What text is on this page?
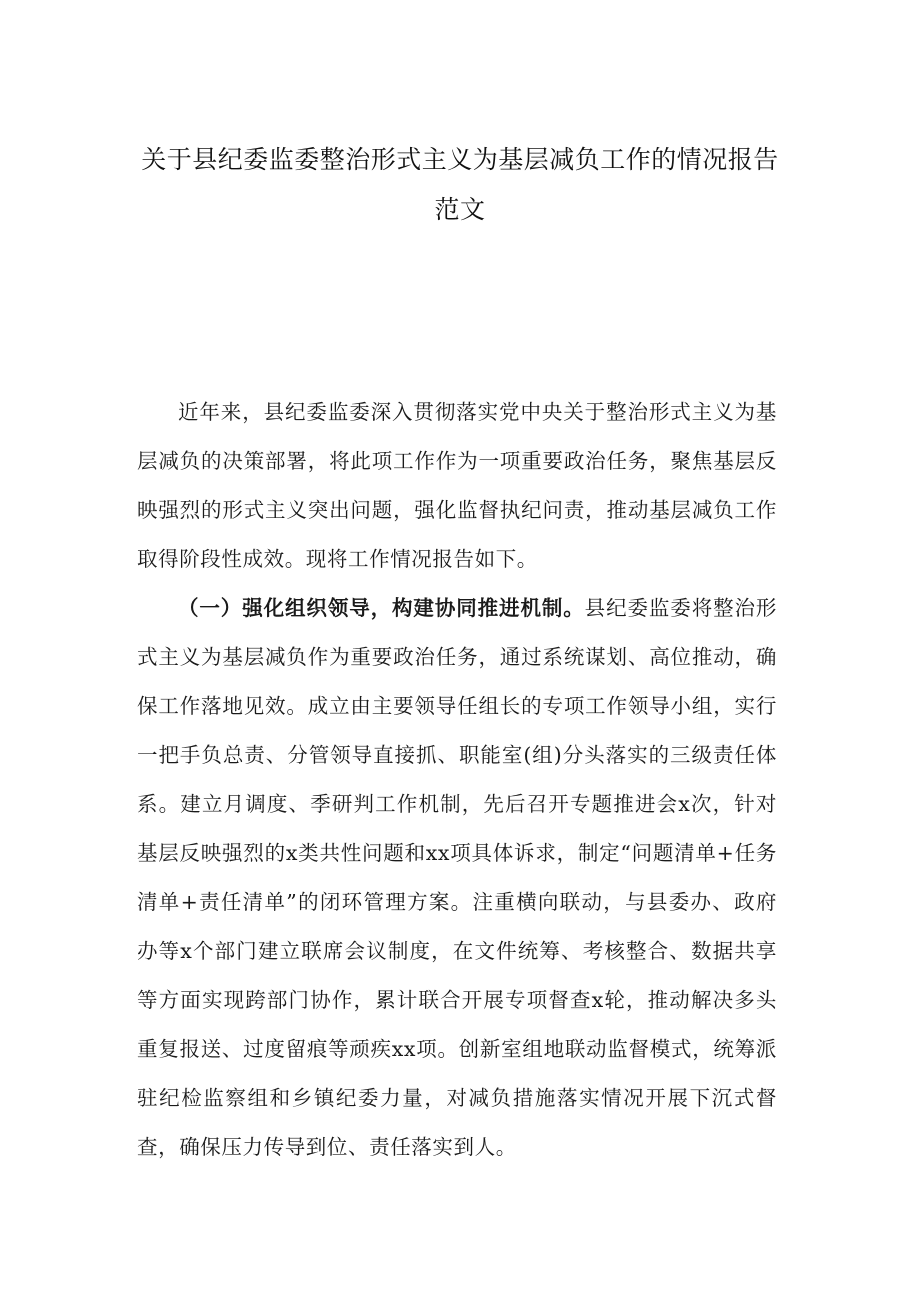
关于县纪委监委整治形式主义为基层减负工作的情况报告
范文

近年来，县纪委监委深入贯彻落实党中央关于整治形式主义为基层减负的决策部署，将此项工作作为一项重要政治任务，聚焦基层反映强烈的形式主义突出问题，强化监督执纪问责，推动基层减负工作取得阶段性成效。现将工作情况报告如下。

（一）强化组织领导，构建协同推进机制。县纪委监委将整治形式主义为基层减负作为重要政治任务，通过系统谋划、高位推动，确保工作落地见效。成立由主要领导任组长的专项工作领导小组，实行一把手负总责、分管领导直接抓、职能室(组)分头落实的三级责任体系。建立月调度、季研判工作机制，先后召开专题推进会x次，针对基层反映强烈的x类共性问题和xx项具体诉求，制定“问题清单+任务清单+责任清单”的闭环管理方案。注重横向联动，与县委办、政府办等x个部门建立联席会议制度，在文件统筹、考核整合、数据共享等方面实现跨部门协作，累计联合开展专项督查x轮，推动解决多头重复报送、过度留痕等顽疾xx项。创新室组地联动监督模式，统筹派驻纪检监察组和乡镇纪委力量，对减负措施落实情况开展下沉式督查，确保压力传导到位、责任落实到人。
